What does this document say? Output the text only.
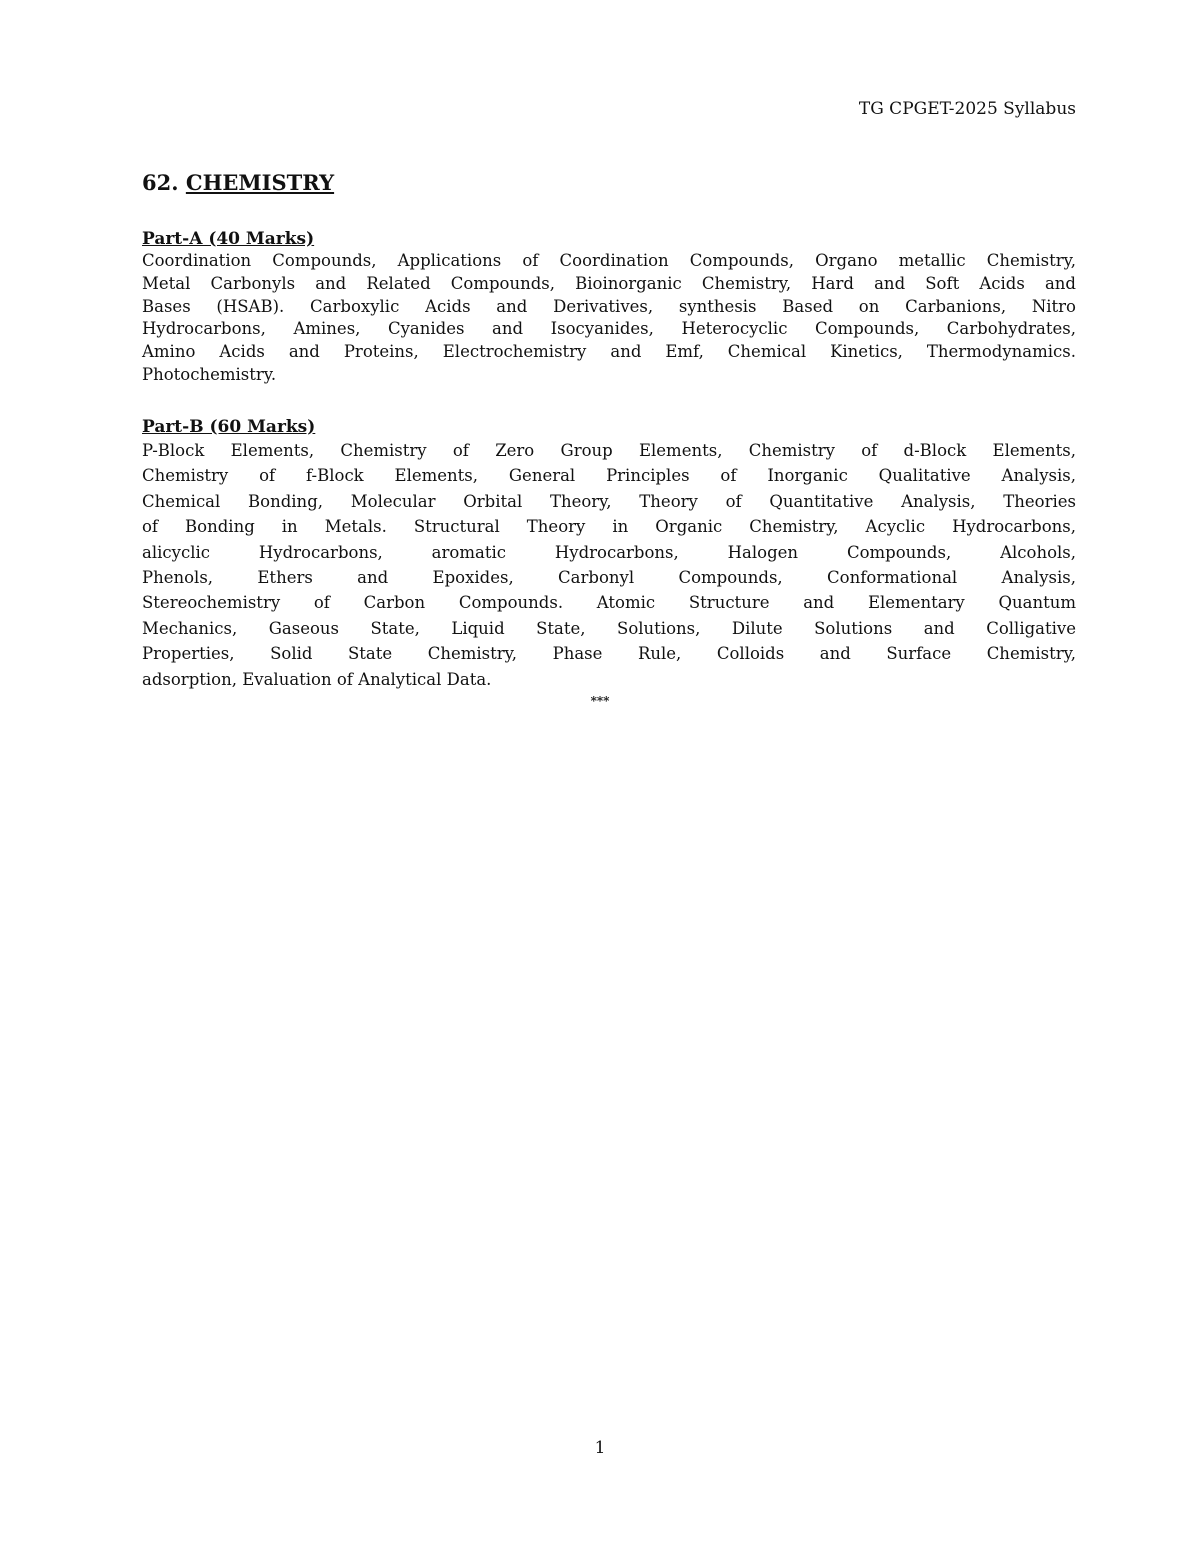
TG CPGET-2025 Syllabus
62. CHEMISTRY
Part-A (40 Marks)
Coordination Compounds, Applications of Coordination Compounds, Organo metallic Chemistry,
Metal Carbonyls and Related Compounds, Bioinorganic Chemistry, Hard and Soft Acids and
Bases (HSAB). Carboxylic Acids and Derivatives, synthesis Based on Carbanions, Nitro
Hydrocarbons, Amines, Cyanides and Isocyanides, Heterocyclic Compounds, Carbohydrates,
Amino Acids and Proteins, Electrochemistry and Emf, Chemical Kinetics, Thermodynamics.
Photochemistry.
Part-B (60 Marks)
P-Block Elements, Chemistry of Zero Group Elements, Chemistry of d-Block Elements,
Chemistry of f-Block Elements, General Principles of Inorganic Qualitative Analysis,
Chemical Bonding, Molecular Orbital Theory, Theory of Quantitative Analysis, Theories
of Bonding in Metals. Structural Theory in Organic Chemistry, Acyclic Hydrocarbons,
alicyclic Hydrocarbons, aromatic Hydrocarbons, Halogen Compounds, Alcohols,
Phenols, Ethers and Epoxides, Carbonyl Compounds, Conformational Analysis,
Stereochemistry of Carbon Compounds. Atomic Structure and Elementary Quantum
Mechanics, Gaseous State, Liquid State, Solutions, Dilute Solutions and Colligative
Properties, Solid State Chemistry, Phase Rule, Colloids and Surface Chemistry,
adsorption, Evaluation of Analytical Data.
***
1
